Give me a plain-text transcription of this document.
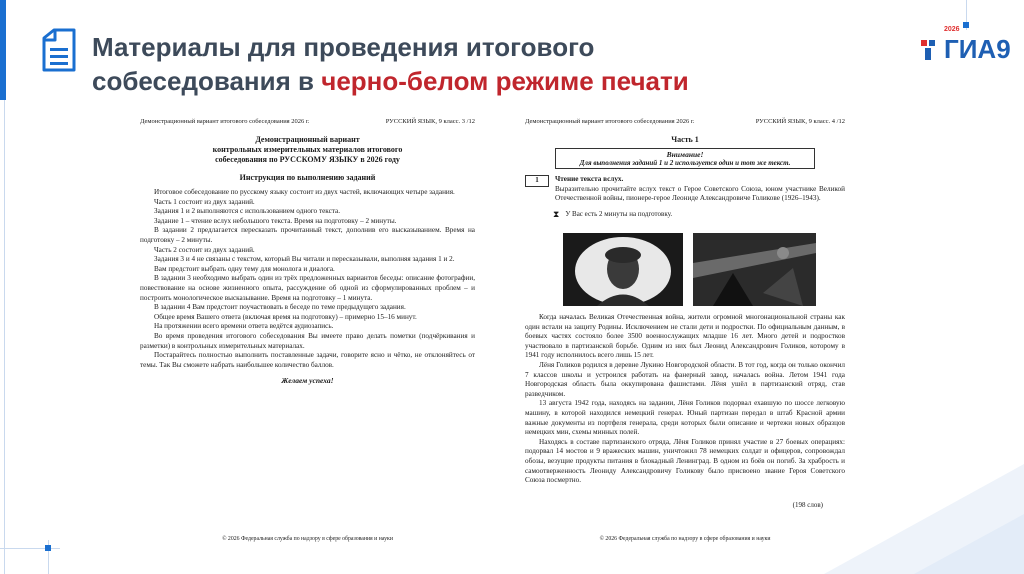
Материалы для проведения итогового
собеседования в черно-белом режиме печати
2026
ГИА9
Демонстрационный вариант итогового собеседования 2026 г.	РУССКИЙ ЯЗЫК, 9 класс. 3 /12
Демонстрационный вариант
контрольных измерительных материалов итогового
собеседования по РУССКОМУ ЯЗЫКУ в 2026 году
Инструкция по выполнению заданий

Итоговое собеседование по русскому языку состоит из двух частей, включающих четыре задания.

Часть 1 состоит из двух заданий.

Задания 1 и 2 выполняются с использованием одного текста.

Задание 1 – чтение вслух небольшого текста. Время на подготовку – 2 минуты.

В задании 2 предлагается пересказать прочитанный текст, дополнив его высказыванием. Время на подготовку – 2 минуты.

Часть 2 состоит из двух заданий.

Задания 3 и 4 не связаны с текстом, который Вы читали и пересказывали, выполняя задания 1 и 2.

Вам предстоит выбрать одну тему для монолога и диалога.

В задании 3 необходимо выбрать один из трёх предложенных вариантов беседы: описание фотографии, повествование на основе жизненного опыта, рассуждение об одной из сформулированных проблем – и построить монологическое высказывание. Время на подготовку – 1 минута.

В задании 4 Вам предстоит поучаствовать в беседе по теме предыдущего задания.

Общее время Вашего ответа (включая время на подготовку) – примерно 15–16 минут.

На протяжении всего времени ответа ведётся аудиозапись.

Во время проведения итогового собеседования Вы имеете право делать пометки (подчёркивания и разметки) в контрольных измерительных материалах.

Постарайтесь полностью выполнить поставленные задачи, говорите ясно и чётко, не отклоняйтесь от темы. Так Вы сможете набрать наибольшее количество баллов.

Желаем успеха!
© 2026 Федеральная служба по надзору в сфере образования и науки
Демонстрационный вариант итогового собеседования 2026 г.	РУССКИЙ ЯЗЫК, 9 класс. 4 /12
Часть 1
Внимание!
Для выполнения заданий 1 и 2 используется один и тот же текст.
1	Чтение текста вслух.

Выразительно прочитайте вслух текст о Герое Советского Союза, юном участнике Великой Отечественной войны, пионере-герое Леониде Александровиче Голикове (1926–1943).

⧗ У Вас есть 2 минуты на подготовку.

Когда началась Великая Отечественная война, жители огромной многонациональной страны как один встали на защиту Родины. Исключением не стали дети и подростки. По официальным данным, в боевых частях состояло более 3500 военнослужащих младше 16 лет. Много детей и подростков участвовало в партизанской борьбе. Одним из них был Леонид Александрович Голиков, которому в 1941 году исполнилось всего лишь 15 лет.

Лёня Голиков родился в деревне Лукино Новгородской области. В тот год, когда он только окончил 7 классов школы и устроился работать на фанерный завод, началась война. Летом 1941 года Новгородская область была оккупирована фашистами. Лёня ушёл в партизанский отряд, став разведчиком.

13 августа 1942 года, находясь на задании, Лёня Голиков подорвал ехавшую по шоссе легковую машину, в которой находился немецкий генерал. Юный партизан передал в штаб Красной армии важные документы из портфеля генерала, среди которых были описание и чертежи новых образцов немецких мин, схемы минных полей.

Находясь в составе партизанского отряда, Лёня Голиков принял участие в 27 боевых операциях: подорвал 14 мостов и 9 вражеских машин, уничтожил 78 немецких солдат и офицеров, сопровождал обозы, везущие продукты питания в блокадный Ленинград. В одном из боёв он погиб. За храбрость и самоотверженность Леониду Александровичу Голикову было присвоено звание Героя Советского Союза посмертно.

(198 слов)
© 2026 Федеральная служба по надзору в сфере образования и науки
